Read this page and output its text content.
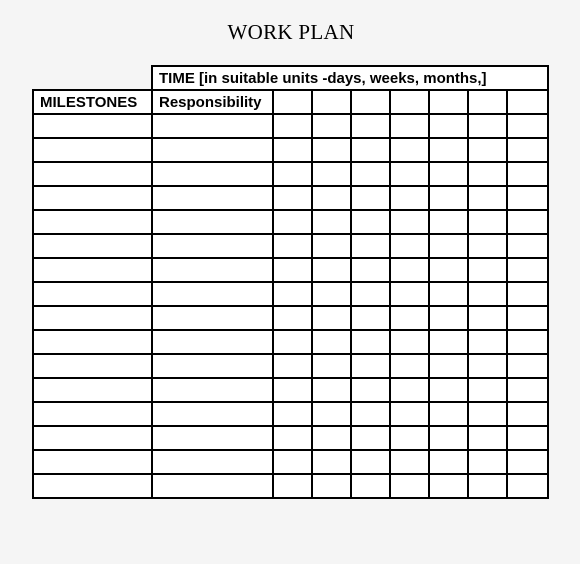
WORK PLAN
	TIME [in suitable units -days, weeks, months,]							
MILESTONES	Responsibility							
